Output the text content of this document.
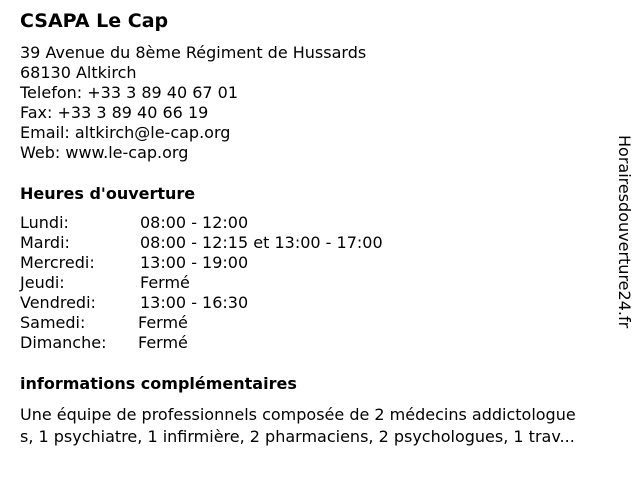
CSAPA Le Cap
39 Avenue du 8ème Régiment de Hussards
68130 Altkirch
Telefon: +33 3 89 40 67 01
Fax: +33 3 89 40 66 19
Email: altkirch@le-cap.org
Web: www.le-cap.org
Heures d'ouverture
Lundi:	08:00 - 12:00
Mardi:	08:00 - 12:15 et 13:00 - 17:00
Mercredi:	13:00 - 19:00
Jeudi:	Fermé
Vendredi:	13:00 - 16:30
Samedi:	Fermé
Dimanche: Fermé
informations complémentaires
Une équipe de professionnels composée de 2 médecins addictologue
s, 1 psychiatre, 1 infirmière, 2 pharmaciens, 2 psychologues, 1 trav...
Horairesdouverture24.fr
